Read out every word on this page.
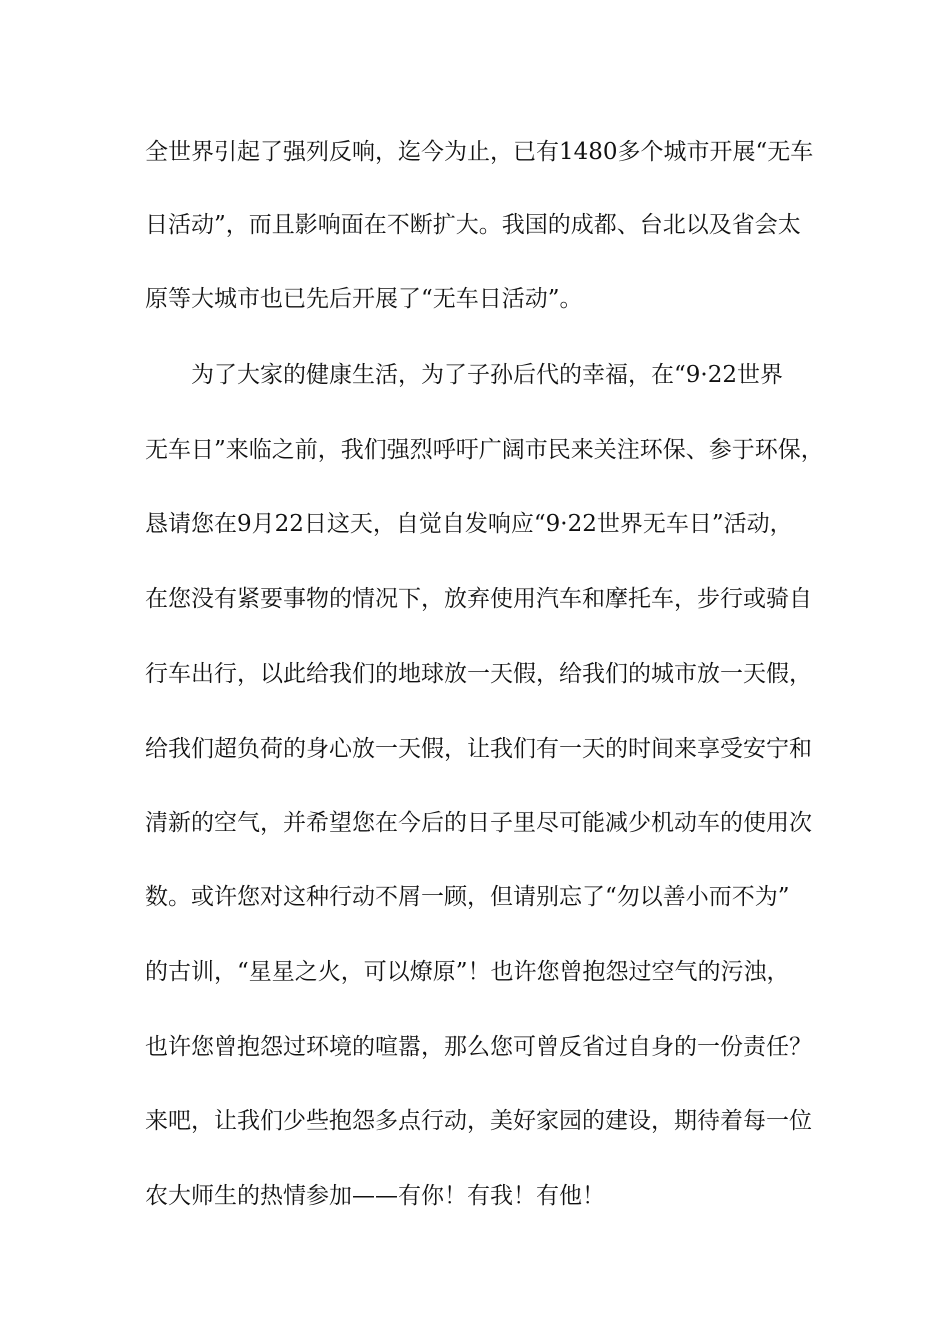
全世界引起了强列反响，迄今为止，已有1480多个城市开展“无车
日活动”，而且影响面在不断扩大。我国的成都、台北以及省会太
原等大城市也已先后开展了“无车日活动”。
为了大家的健康生活，为了子孙后代的幸福，在“9·22世界
无车日”来临之前，我们强烈呼吁广阔市民来关注环保、参于环保，
恳请您在9月22日这天，自觉自发响应“9·22世界无车日”活动，
在您没有紧要事物的情况下，放弃使用汽车和摩托车，步行或骑自
行车出行，以此给我们的地球放一天假，给我们的城市放一天假，
给我们超负荷的身心放一天假，让我们有一天的时间来享受安宁和
清新的空气，并希望您在今后的日子里尽可能减少机动车的使用次
数。或许您对这种行动不屑一顾，但请别忘了“勿以善小而不为”
的古训，“星星之火，可以燎原”！也许您曾抱怨过空气的污浊，
也许您曾抱怨过环境的喧嚣，那么您可曾反省过自身的一份责任？
来吧，让我们少些抱怨多点行动，美好家园的建设，期待着每一位
农大师生的热情参加——有你！有我！有他！
